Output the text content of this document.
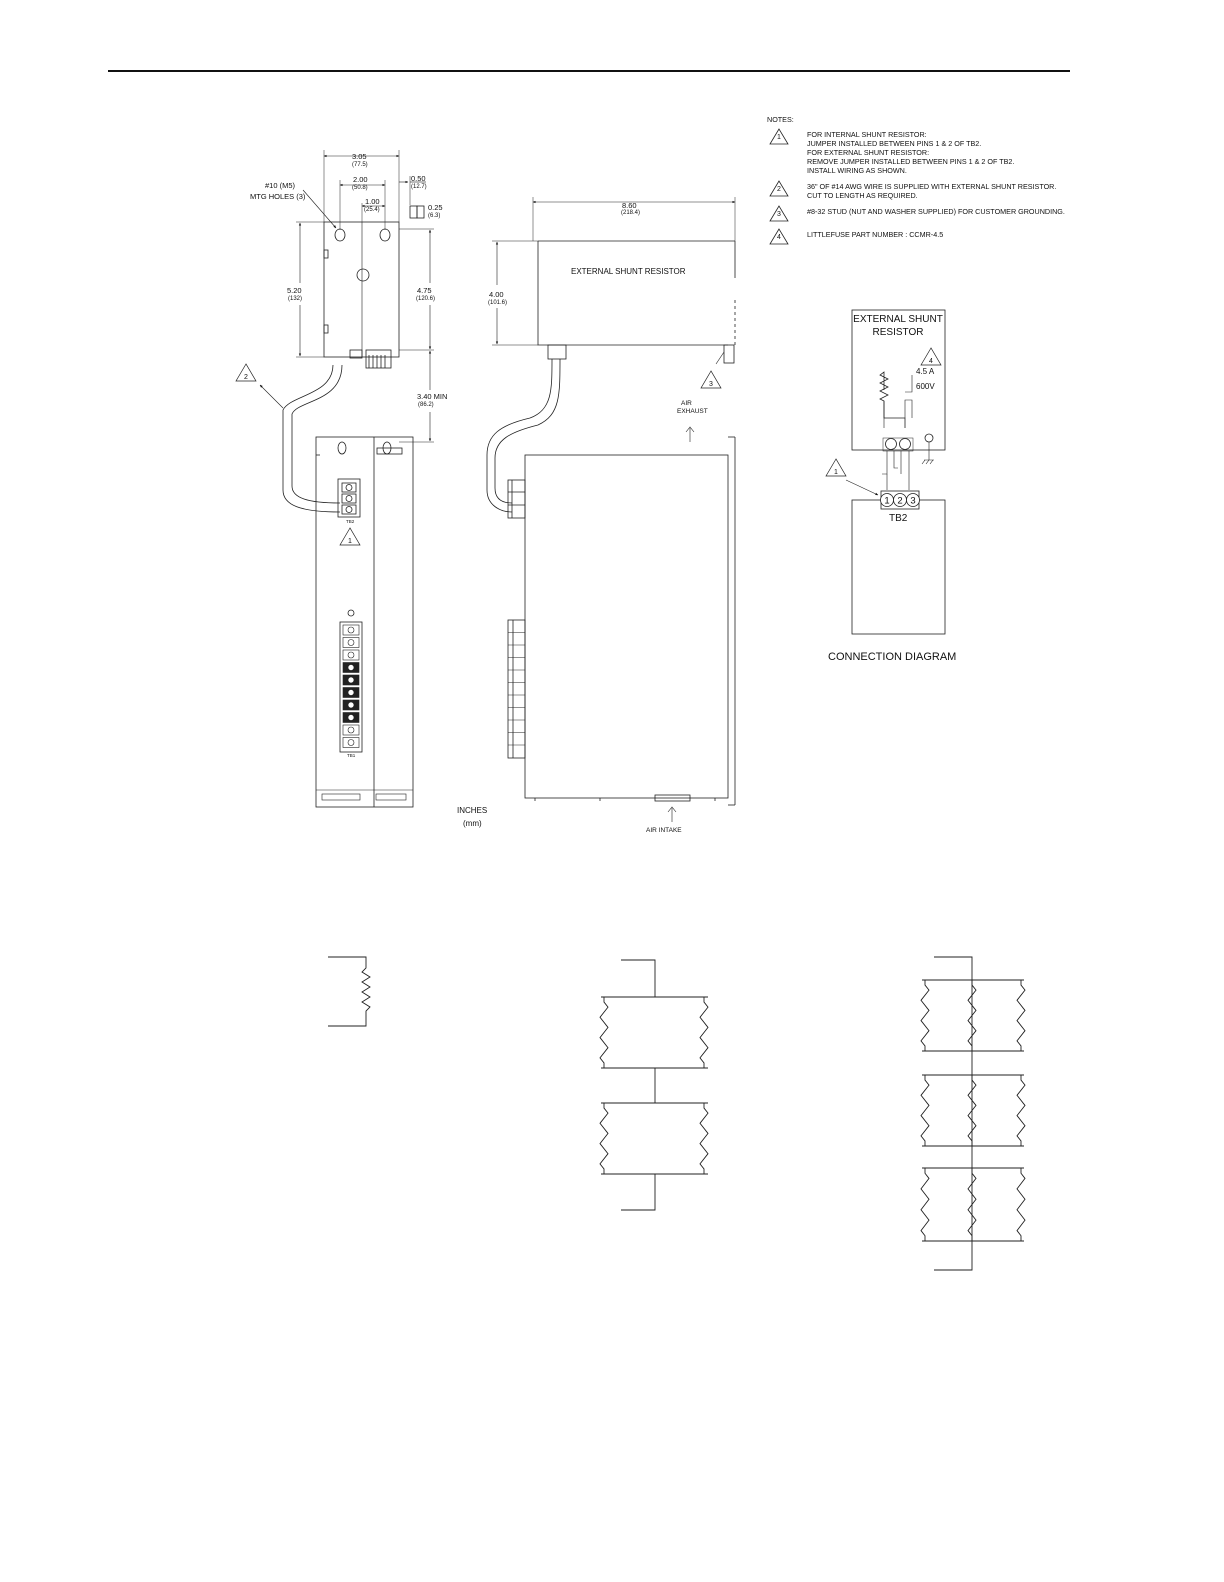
3.05
(77.5)
2.00
(50.8)
0.50
(12.7)
1.00
(25.4)	0.25
(6.3)
#10 (M5)
MTG HOLES (3)
5.20
(132)
4.75
(120.6)
3.40 MIN
(86.2)
TB2
TB1
2
1
8.60
(218.4)
4.00
(101.6)
EXTERNAL SHUNT RESISTOR
AIR
EXHAUST
AIR INTAKE
INCHES
(mm)
3
EXTERNAL SHUNT
RESISTOR
4.5 A
600V
1 2 3
TB2
CONNECTION DIAGRAM
4
1
NOTES:
1	FOR INTERNAL SHUNT RESISTOR:
JUMPER INSTALLED BETWEEN PINS 1 & 2 OF TB2.
FOR EXTERNAL SHUNT RESISTOR:
REMOVE JUMPER INSTALLED BETWEEN PINS 1 & 2 OF TB2.
INSTALL WIRING AS SHOWN.
2	36" OF #14 AWG WIRE IS SUPPLIED WITH EXTERNAL SHUNT RESISTOR.
CUT TO LENGTH AS REQUIRED.
3	#8-32 STUD (NUT AND WASHER SUPPLIED) FOR CUSTOMER GROUNDING.
4	LITTLEFUSE PART NUMBER : CCMR-4.5
